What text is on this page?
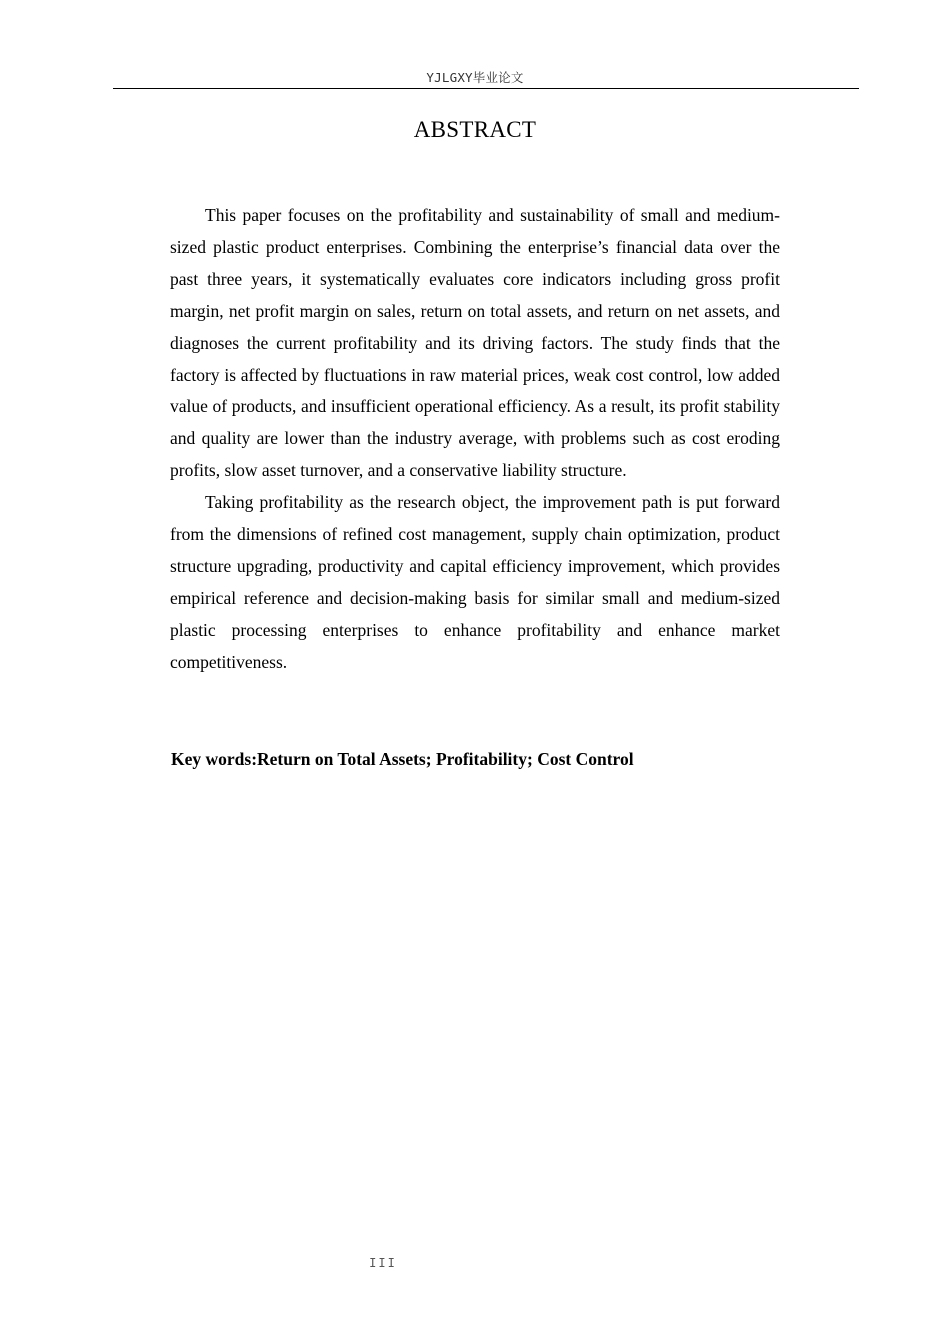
YJLGXY毕业论文
ABSTRACT

This paper focuses on the profitability and sustainability of small and medium-sized plastic product enterprises. Combining the enterprise’s financial data over the past three years, it systematically evaluates core indicators including gross profit margin, net profit margin on sales, return on total assets, and return on net assets, and diagnoses the current profitability and its driving factors. The study finds that the factory is affected by fluctuations in raw material prices, weak cost control, low added value of products, and insufficient operational efficiency. As a result, its profit stability and quality are lower than the industry average, with problems such as cost eroding profits, slow asset turnover, and a conservative liability structure.

Taking profitability as the research object, the improvement path is put forward from the dimensions of refined cost management, supply chain optimization, product structure upgrading, productivity and capital efficiency improvement, which provides empirical reference and decision-making basis for similar small and medium-sized plastic processing enterprises to enhance profitability and enhance market competitiveness.

Key words:Return on Total Assets; Profitability; Cost Control
III
